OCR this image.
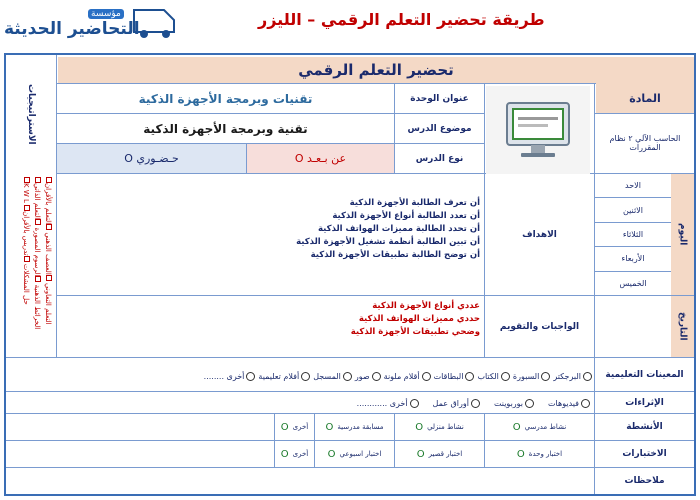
مؤسسة
التحاضير الحديثة	طريقة تحضير التعلم الرقمي – الليزر
الاستراتيجيات
التعلم التعاوني العصف الذهني التعلم بالأقران
الخرائط الذهنية الرسوم المصورة التعلم الذاتي
K W L حل المشكلات تدريس بالأقران
تحضير التعلم الرقمي
المادة
الحاسب الآلي ٢ نظام المقررات
عنوان الوحدة
تقنيات وبرمجة الأجهزة الذكية
موضوع الدرس
تقنية وبرمجة الأجهزة الذكية
نوع الدرس
عن بـعـد O
حـضـوري O
اليوم
الاحد
الاثنين
الثلاثاء
الأربعاء
الخميس
التاريخ
الاهداف
أن تعرف الطالبة الأجهزة الذكية
أن تعدد الطالبة أنواع الأجهزة الذكية
أن تحدد الطالبة مميزات الهواتف الذكية
أن تبين الطالبة أنظمة تشغيل الأجهزة الذكية
أن توضح الطالبة تطبيقات الأجهزة الذكية
الواجبات والتقويم
عددي أنواع الأجهزة الذكية
حددي مميزات الهواتف الذكية
وضحي تطبيقات الأجهزة الذكية
المعينات التعليمية
البرجكتر
السبورة
الكتاب
البطاقات
أقلام ملونة
صور
المسجل
أفلام تعليمية
أخرى ........
الإثراءات
فيديوهات
بوربوينت
أوراق عمل
أخرى ............
الأنشطة
نشاط مدرسي
O
نشاط منزلي
O
مسابقة مدرسية
O
أخرى
O
الاختبارات
اختبار وحدة
O
اختبار قصير
O
اختبار اسبوعي
O
أخرى
O
ملاحظات
